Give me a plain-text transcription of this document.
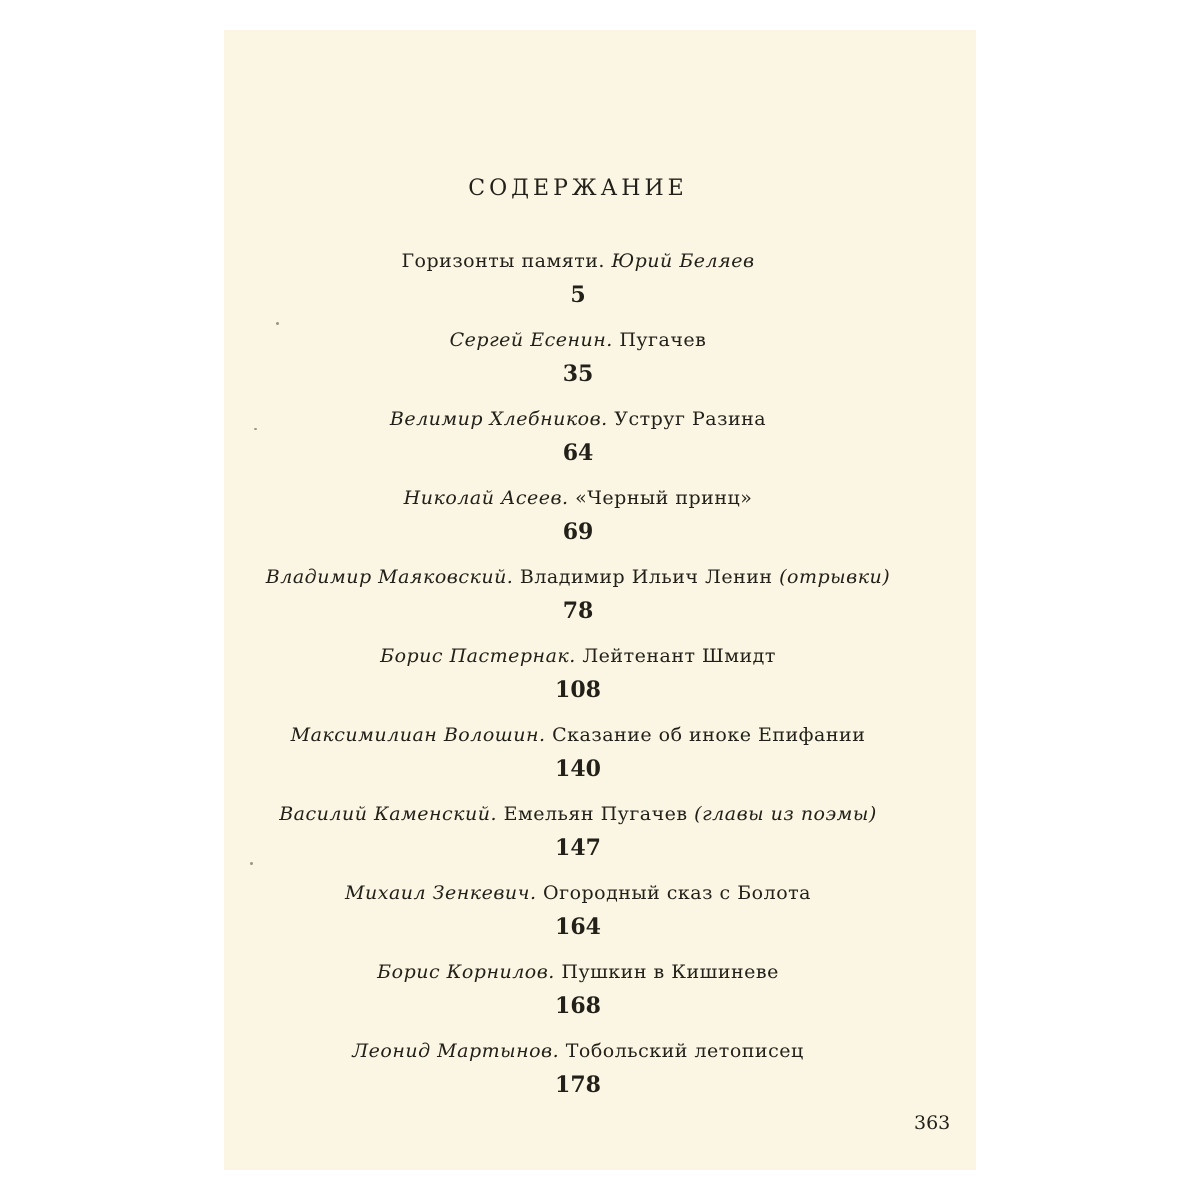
СОДЕРЖАНИЕ
Горизонты памяти. Юрий Беляев
5
Сергей Есенин. Пугачев
35
Велимир Хлебников. Уструг Разина
64
Николай Асеев. «Черный принц»
69
Владимир Маяковский. Владимир Ильич Ленин (отрывки)
78
Борис Пастернак. Лейтенант Шмидт
108
Максимилиан Волошин. Сказание об иноке Епифании
140
Василий Каменский. Емельян Пугачев (главы из поэмы)
147
Михаил Зенкевич. Огородный сказ с Болота
164
Борис Корнилов. Пушкин в Кишиневе
168
Леонид Мартынов. Тобольский летописец
178
363
